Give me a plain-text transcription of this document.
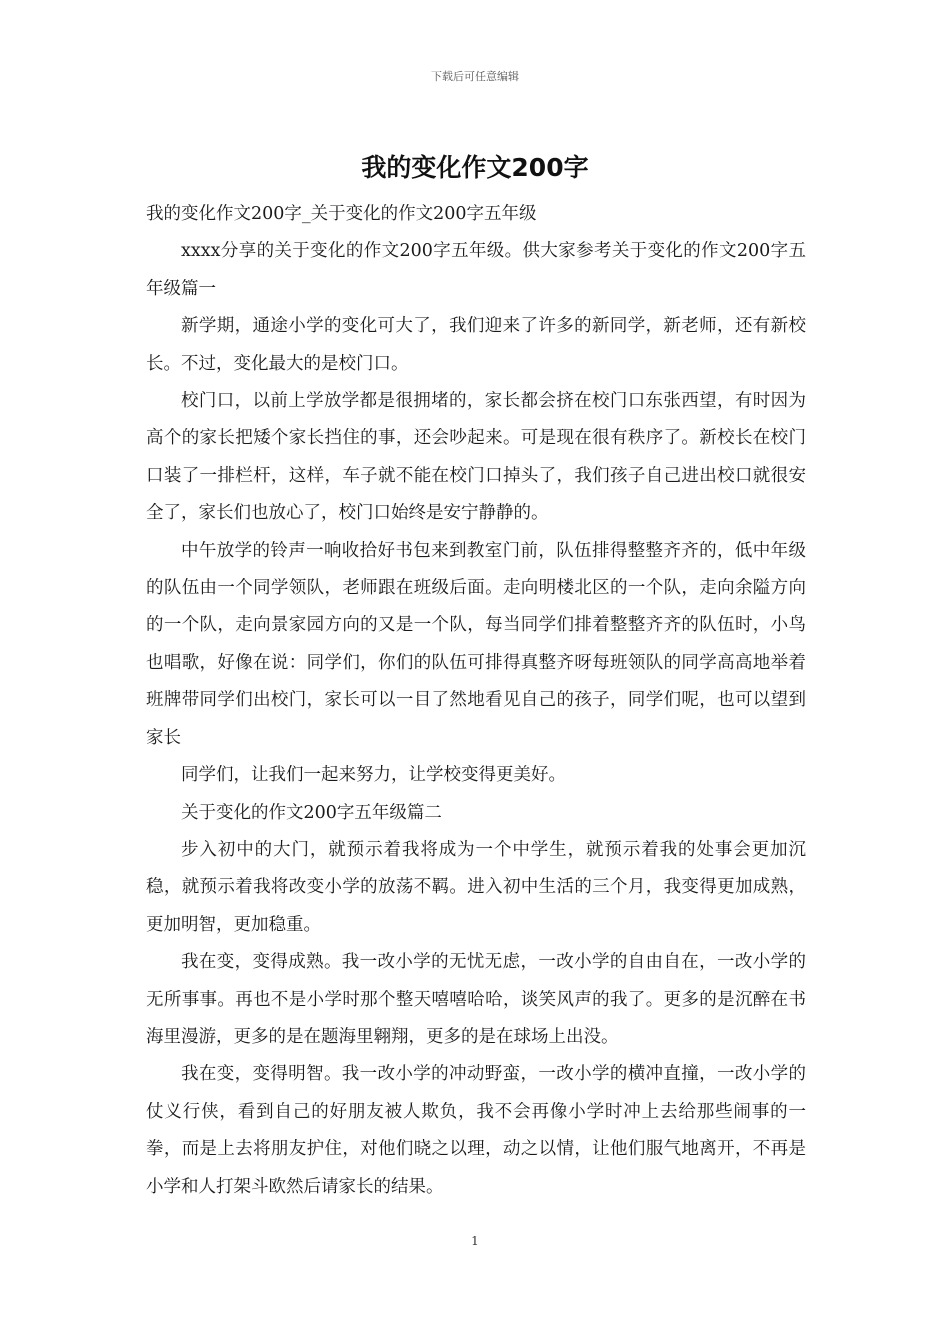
下载后可任意编辑
我的变化作文200字

我的变化作文200字_关于变化的作文200字五年级

xxxx分享的关于变化的作文200字五年级。供大家参考关于变化的作文200字五年级篇一

新学期，通途小学的变化可大了，我们迎来了许多的新同学，新老师，还有新校长。不过，变化最大的是校门口。

校门口，以前上学放学都是很拥堵的，家长都会挤在校门口东张西望，有时因为高个的家长把矮个家长挡住的事，还会吵起来。可是现在很有秩序了。新校长在校门口装了一排栏杆，这样，车子就不能在校门口掉头了，我们孩子自己进出校口就很安全了，家长们也放心了，校门口始终是安宁静静的。

中午放学的铃声一响收拾好书包来到教室门前，队伍排得整整齐齐的，低中年级的队伍由一个同学领队，老师跟在班级后面。走向明楼北区的一个队，走向余隘方向的一个队，走向景家园方向的又是一个队，每当同学们排着整整齐齐的队伍时，小鸟也唱歌，好像在说：同学们，你们的队伍可排得真整齐呀每班领队的同学高高地举着班牌带同学们出校门，家长可以一目了然地看见自己的孩子，同学们呢，也可以望到家长

同学们，让我们一起来努力，让学校变得更美好。

关于变化的作文200字五年级篇二

步入初中的大门，就预示着我将成为一个中学生，就预示着我的处事会更加沉稳，就预示着我将改变小学的放荡不羁。进入初中生活的三个月，我变得更加成熟，更加明智，更加稳重。

我在变，变得成熟。我一改小学的无忧无虑，一改小学的自由自在，一改小学的无所事事。再也不是小学时那个整天嘻嘻哈哈，谈笑风声的我了。更多的是沉醉在书海里漫游，更多的是在题海里翱翔，更多的是在球场上出没。

我在变，变得明智。我一改小学的冲动野蛮，一改小学的横冲直撞，一改小学的仗义行侠，看到自己的好朋友被人欺负，我不会再像小学时冲上去给那些闹事的一拳，而是上去将朋友护住，对他们晓之以理，动之以情，让他们服气地离开，不再是小学和人打架斗欧然后请家长的结果。

1
